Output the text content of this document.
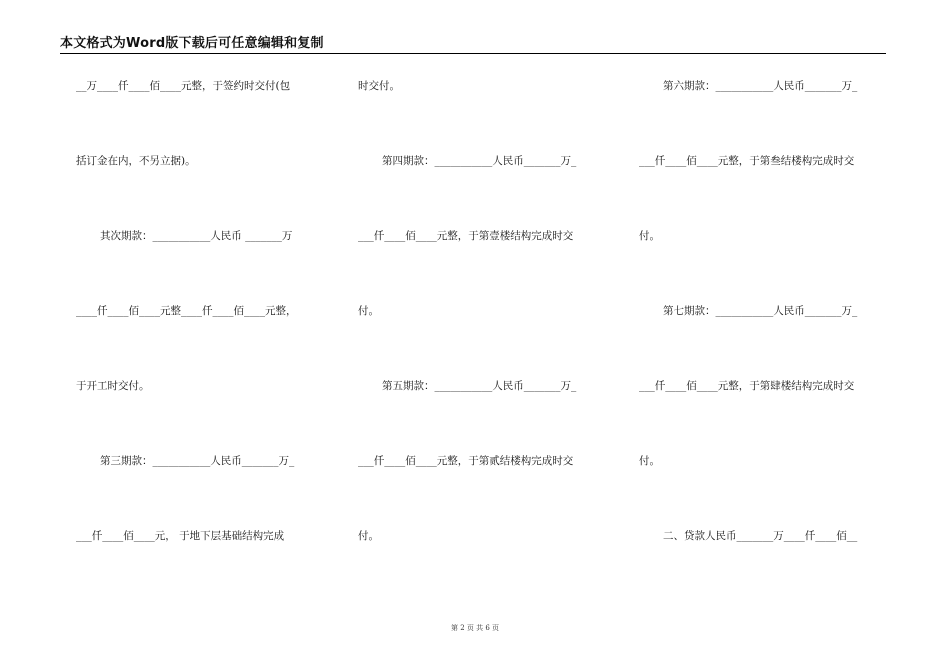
本文格式为Word版下载后可任意编辑和复制
__万____仟____佰____元整，于签约时交付(包
括订金在内，不另立据)。
其次期款：___________人民币 _______万
____仟____佰____元整____仟____佰____元整，
于开工时交付。
第三期款：___________人民币_______万_
___仟____佰____元， 于地下层基础结构完成
时交付。
第四期款：___________人民币_______万_
___仟____佰____元整，于第壹楼结构完成时交
付。
第五期款：___________人民币_______万_
___仟____佰____元整，于第贰结楼构完成时交
付。
第六期款：___________人民币_______万_
___仟____佰____元整，于第叁结楼构完成时交
付。
第七期款：___________人民币_______万_
___仟____佰____元整，于第肆楼结构完成时交
付。
二、贷款人民币_______万____仟____佰__
第 2 页 共 6 页
